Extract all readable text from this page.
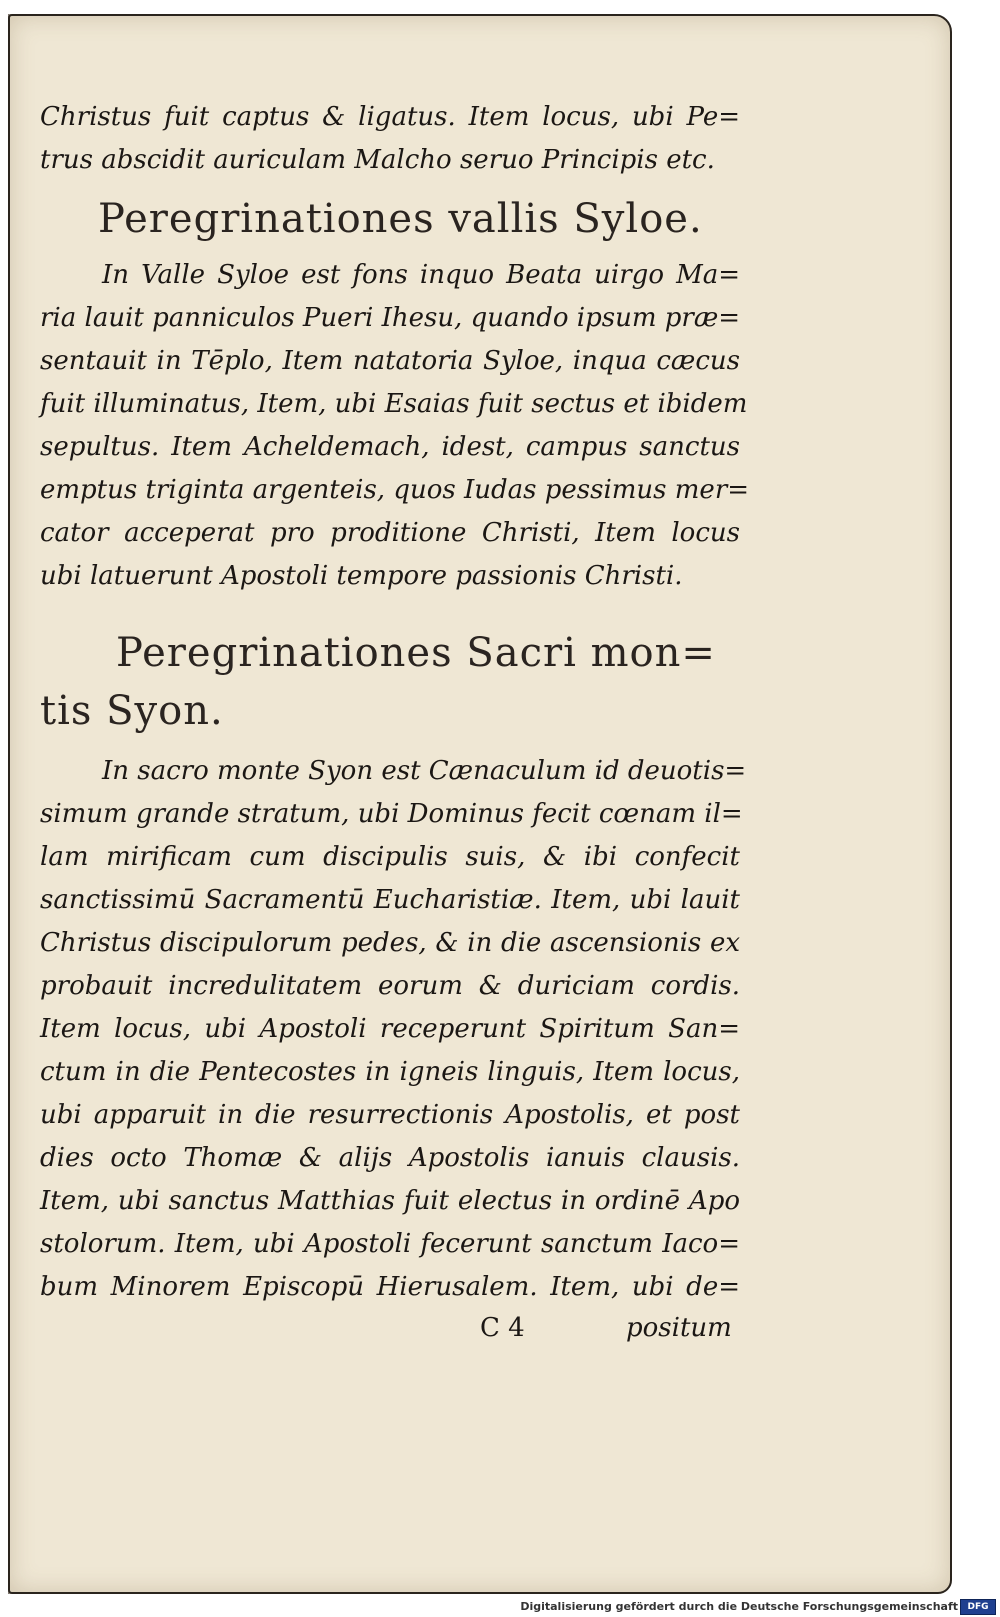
Christus fuit captus & ligatus. Item locus, ubi Pe=
trus abscidit auriculam Malcho seruo Principis etc.
Peregrinationes vallis Syloe.
In Valle Syloe est fons inquo Beata uirgo Ma=
ria lauit panniculos Pueri Ihesu, quando ipsum præ=
sentauit in Tēplo, Item natatoria Syloe, inqua cæcus
fuit illuminatus, Item, ubi Esaias fuit sectus et ibidem
sepultus. Item Acheldemach, idest, campus sanctus
emptus triginta argenteis, quos Iudas pessimus mer=
cator acceperat pro proditione Christi, Item locus
ubi latuerunt Apostoli tempore passionis Christi.
Peregrinationes Sacri mon=
tis Syon.
In sacro monte Syon est Cænaculum id deuotis=
simum grande stratum, ubi Dominus fecit cœnam il=
lam mirificam cum discipulis suis, & ibi confecit
sanctissimū Sacramentū Eucharistiæ. Item, ubi lauit
Christus discipulorum pedes, & in die ascensionis ex
probauit incredulitatem eorum & duriciam cordis.
Item locus, ubi Apostoli receperunt Spiritum San=
ctum in die Pentecostes in igneis linguis, Item locus,
ubi apparuit in die resurrectionis Apostolis, et post
dies octo Thomæ & alijs Apostolis ianuis clausis.
Item, ubi sanctus Matthias fuit electus in ordinē Apo
stolorum. Item, ubi Apostoli fecerunt sanctum Iaco=
bum Minorem Episcopū Hierusalem. Item, ubi de=
C 4	positum
Digitalisierung gefördert durch die Deutsche Forschungsgemeinschaft	DFG
